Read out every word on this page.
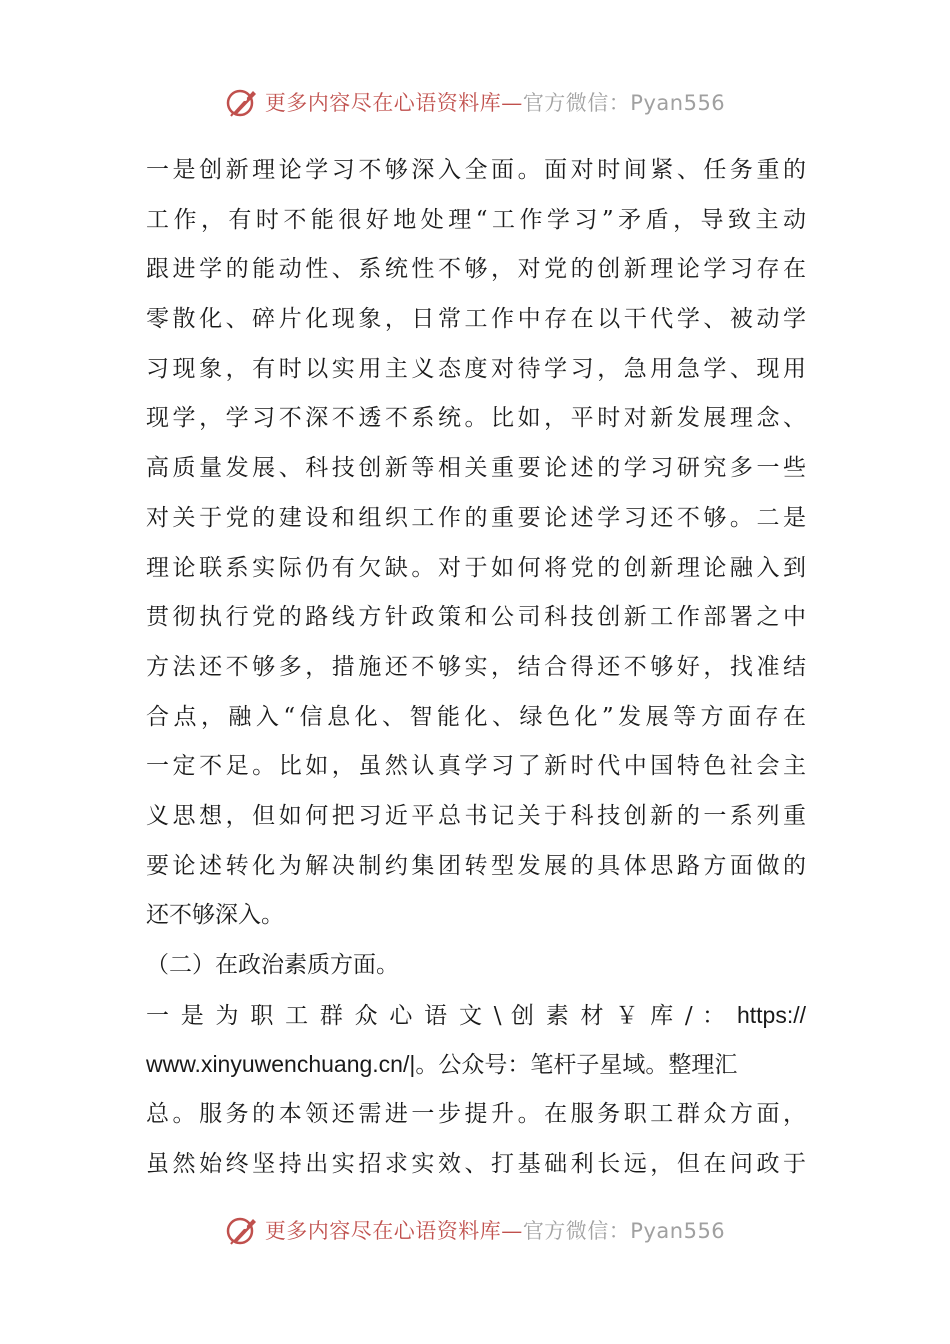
更多内容尽在心语资料库—官方微信：Pyan556
一是创新理论学习不够深入全面。面对时间紧、任务重的
工作，有时不能很好地处理“工作学习”矛盾，导致主动
跟进学的能动性、系统性不够，对党的创新理论学习存在
零散化、碎片化现象，日常工作中存在以干代学、被动学
习现象，有时以实用主义态度对待学习，急用急学、现用
现学，学习不深不透不系统。比如，平时对新发展理念、
高质量发展、科技创新等相关重要论述的学习研究多一些
对关于党的建设和组织工作的重要论述学习还不够。二是
理论联系实际仍有欠缺。对于如何将党的创新理论融入到
贯彻执行党的路线方针政策和公司科技创新工作部署之中
方法还不够多，措施还不够实，结合得还不够好，找准结
合点，融入“信息化、智能化、绿色化”发展等方面存在
一定不足。比如，虽然认真学习了新时代中国特色社会主
义思想，但如何把习近平总书记关于科技创新的一系列重
要论述转化为解决制约集团转型发展的具体思路方面做的
还不够深入。
（二）在政治素质方面。
一 是 为 职 工 群 众 心 语 文 \ 创 素 材 ￥ 库 / ： https://
www.xinyuwenchuang.cn/|。公众号：笔杆子星域。整理汇
总。服务的本领还需进一步提升。在服务职工群众方面，
虽然始终坚持出实招求实效、打基础利长远，但在问政于
更多内容尽在心语资料库—官方微信：Pyan556
